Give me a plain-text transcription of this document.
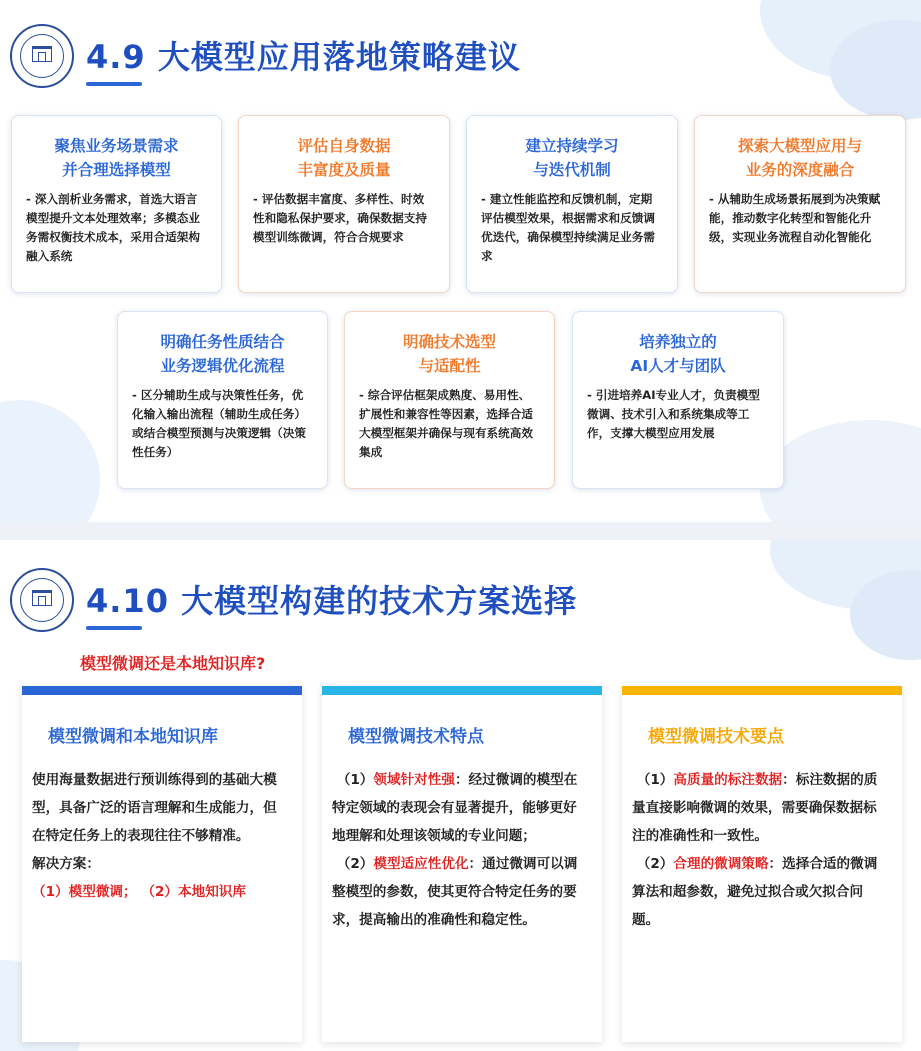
4.9 大模型应用落地策略建议
聚焦业务场景需求
并合理选择模型
- 深入剖析业务需求，首选大语言模型提升文本处理效率；多模态业务需权衡技术成本，采用合适架构融入系统
评估自身数据
丰富度及质量
- 评估数据丰富度、多样性、时效性和隐私保护要求，确保数据支持模型训练微调，符合合规要求
建立持续学习
与迭代机制
- 建立性能监控和反馈机制，定期评估模型效果，根据需求和反馈调优迭代，确保模型持续满足业务需求
探索大模型应用与
业务的深度融合
- 从辅助生成场景拓展到为决策赋能，推动数字化转型和智能化升级，实现业务流程自动化智能化
明确任务性质结合
业务逻辑优化流程
- 区分辅助生成与决策性任务，优化输入输出流程（辅助生成任务）或结合模型预测与决策逻辑（决策性任务）
明确技术选型
与适配性
- 综合评估框架成熟度、易用性、扩展性和兼容性等因素，选择合适大模型框架并确保与现有系统高效集成
培养独立的
AI人才与团队
- 引进培养AI专业人才，负责模型微调、技术引入和系统集成等工作，支撑大模型应用发展
4.10 大模型构建的技术方案选择
模型微调还是本地知识库?
模型微调和本地知识库
使用海量数据进行预训练得到的基础大模型，具备广泛的语言理解和生成能力，但在特定任务上的表现往往不够精准。
解决方案：
（1）模型微调； （2）本地知识库
模型微调技术特点
（1）领域针对性强：经过微调的模型在特定领域的表现会有显著提升，能够更好地理解和处理该领域的专业问题；
（2）模型适应性优化：通过微调可以调整模型的参数，使其更符合特定任务的要求，提高输出的准确性和稳定性。
模型微调技术要点
（1）高质量的标注数据：标注数据的质量直接影响微调的效果，需要确保数据标注的准确性和一致性。
（2）合理的微调策略：选择合适的微调算法和超参数，避免过拟合或欠拟合问题。
